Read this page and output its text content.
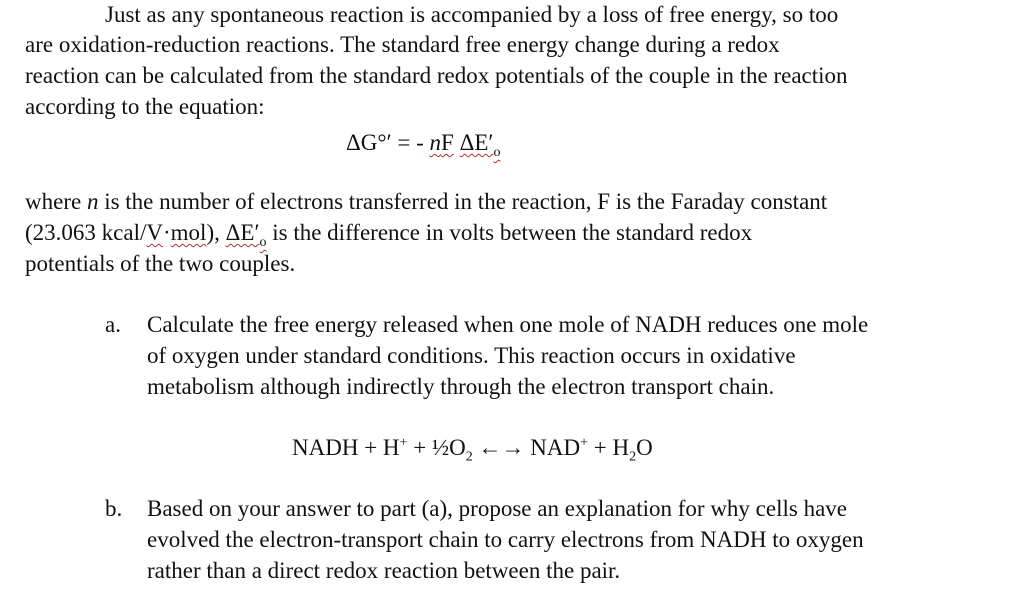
Just as any spontaneous reaction is accompanied by a loss of free energy, so too
are oxidation-reduction reactions. The standard free energy change during a redox
reaction can be calculated from the standard redox potentials of the couple in the reaction
according to the equation:
ΔG°′ = - nF $\Delta E'_o$
where n is the number of electrons transferred in the reaction, F is the Faraday constant
(23.063 kcal/V·mol), $\Delta E'_o$ is the difference in volts between the standard redox
potentials of the two couples.
a. Calculate the free energy released when one mole of NADH reduces one mole
of oxygen under standard conditions. This reaction occurs in oxidative
metabolism although indirectly through the electron transport chain.
NADH + $H^+ + \frac{1}{2}O_2$ ←→ $NAD^+ + H_2O$
b. Based on your answer to part (a), propose an explanation for why cells have
evolved the electron-transport chain to carry electrons from NADH to oxygen
rather than a direct redox reaction between the pair.
